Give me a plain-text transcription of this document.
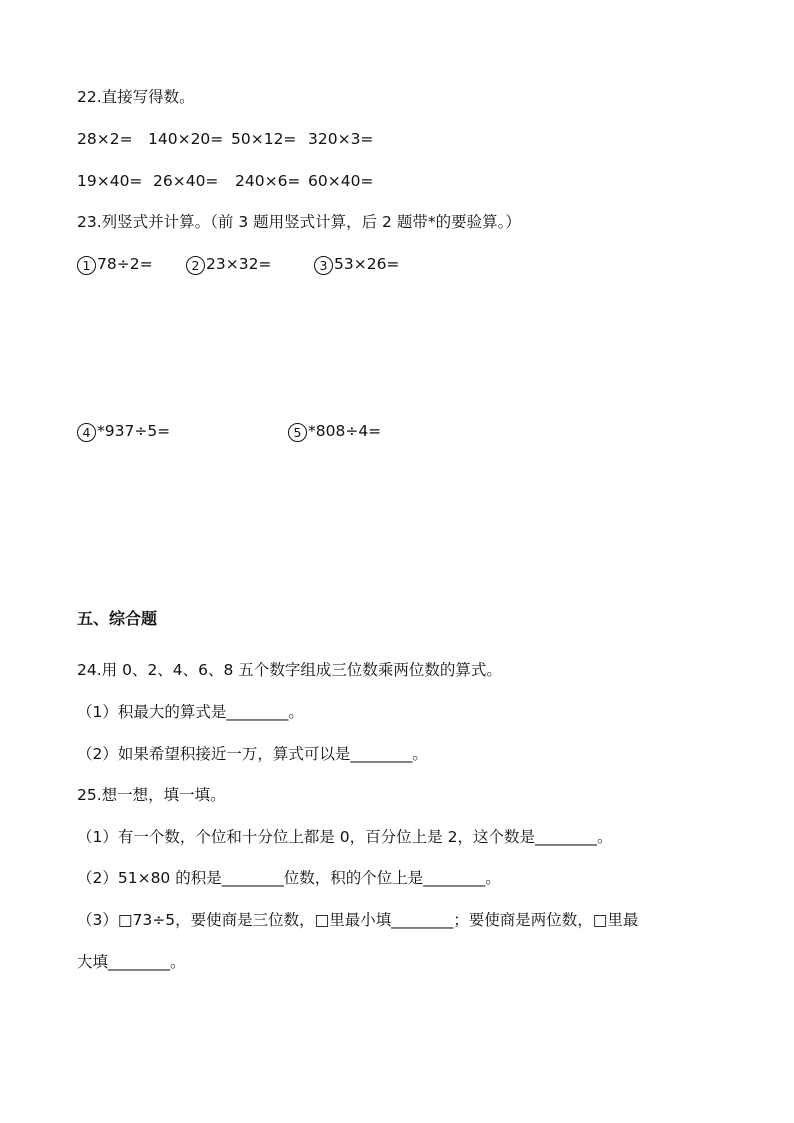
22.直接写得数。
28×2= 140×20= 50×12= 320×3=
19×40= 26×40= 240×6= 60×40=
23.列竖式并计算。（前 3 题用竖式计算，后 2 题带*的要验算。）
1 78÷2=	2 23×32=	3 53×26=
4 *937÷5=	5 *808÷4=
五、综合题
24.用 0、2、4、6、8 五个数字组成三位数乘两位数的算式。
（1）积最大的算式是________。
（2）如果希望积接近一万，算式可以是________。
25.想一想，填一填。
（1）有一个数，个位和十分位上都是 0，百分位上是 2，这个数是________。
（2）51×80 的积是________位数，积的个位上是________。
（3）□73÷5，要使商是三位数，□里最小填________；要使商是两位数，□里最
大填________。
